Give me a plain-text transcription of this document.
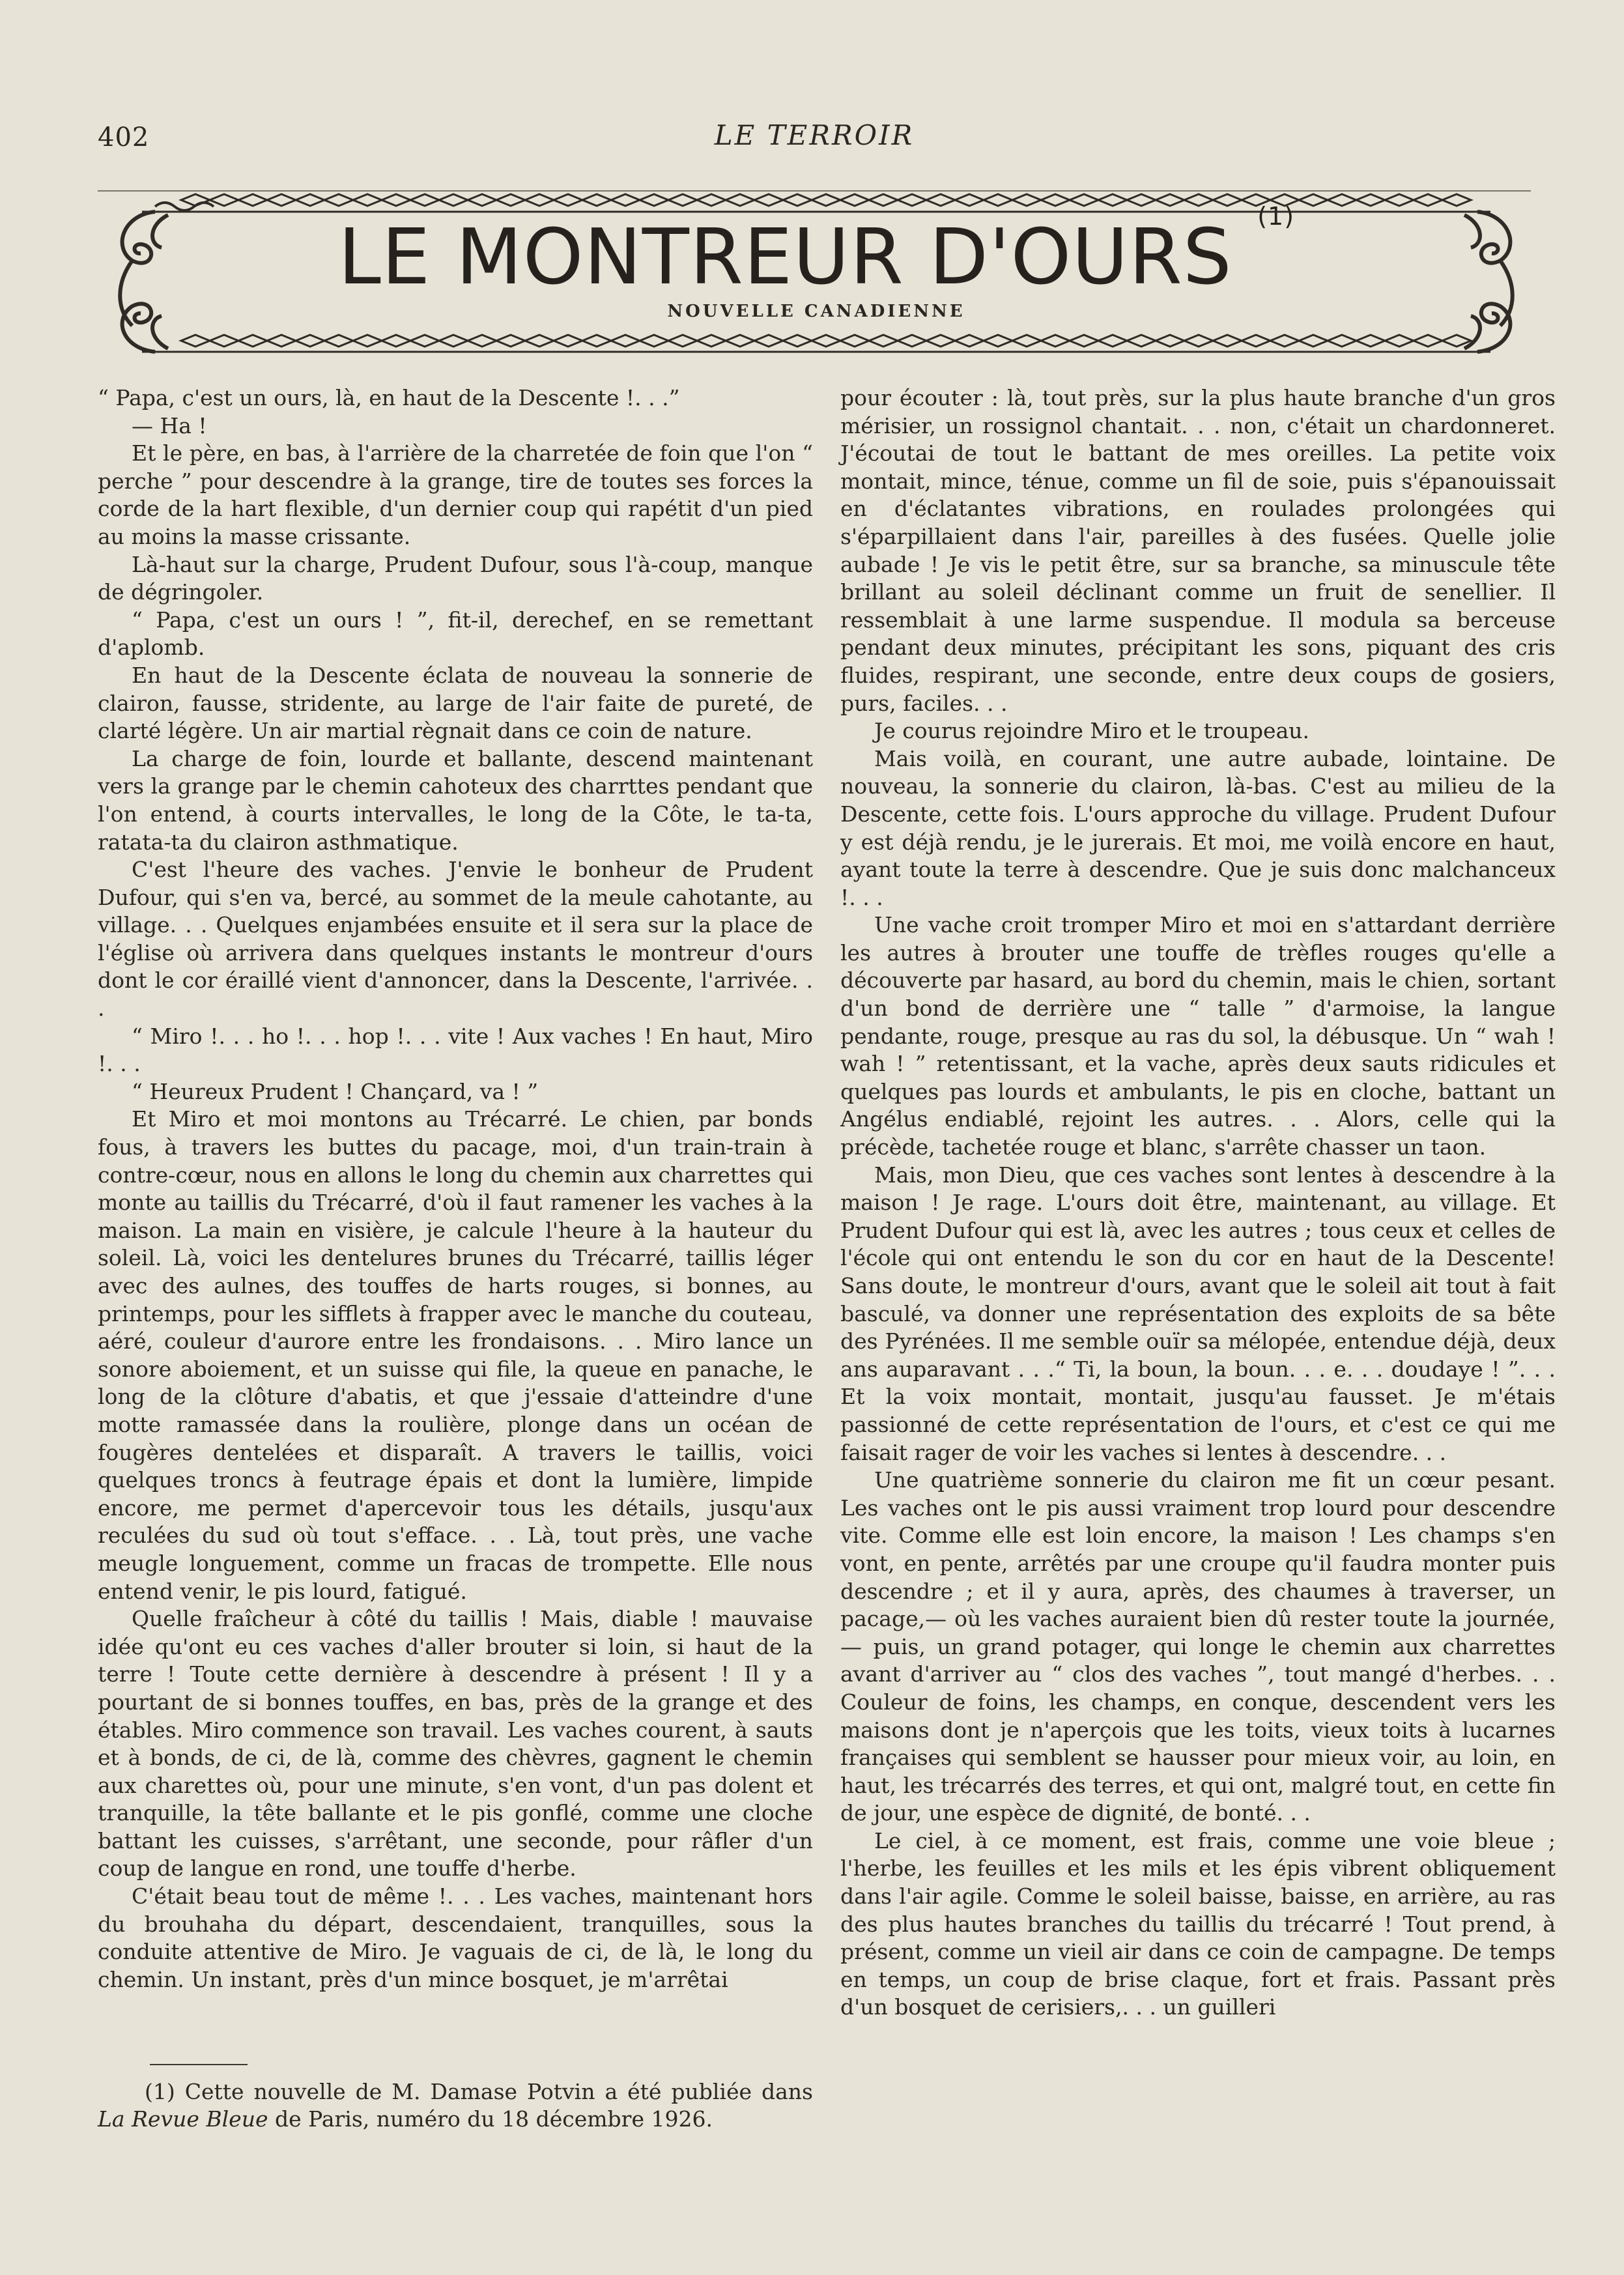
402	LE TERROIR
LE MONTREUR D'OURS $^{(1)}$
NOUVELLE CANADIENNE

“ Papa, c'est un ours, là, en haut de la Descente !. . .”

— Ha !

Et le père, en bas, à l'arrière de la charretée de foin que l'on “ perche ” pour descendre à la grange, tire de toutes ses forces la corde de la hart flexible, d'un dernier coup qui rapétit d'un pied au moins la masse crissante.

Là-haut sur la charge, Prudent Dufour, sous l'à-coup, manque de dégringoler.

“ Papa, c'est un ours ! ”, fit-il, derechef, en se remettant d'aplomb.

En haut de la Descente éclata de nouveau la sonnerie de clairon, fausse, stridente, au large de l'air faite de pureté, de clarté légère. Un air martial règnait dans ce coin de nature.

La charge de foin, lourde et ballante, descend maintenant vers la grange par le chemin cahoteux des charrttes pendant que l'on entend, à courts intervalles, le long de la Côte, le ta-ta, ratata-ta du clairon asthmatique.

C'est l'heure des vaches. J'envie le bonheur de Prudent Dufour, qui s'en va, bercé, au sommet de la meule cahotante, au village. . . Quelques enjambées ensuite et il sera sur la place de l'église où arrivera dans quelques instants le montreur d'ours dont le cor éraillé vient d'annoncer, dans la Descente, l'arrivée. . .

“ Miro !. . . ho !. . . hop !. . . vite ! Aux vaches ! En haut, Miro !. . .

“ Heureux Prudent ! Chançard, va ! ”

Et Miro et moi montons au Trécarré. Le chien, par bonds fous, à travers les buttes du pacage, moi, d'un train-train à contre-cœur, nous en allons le long du chemin aux charrettes qui monte au taillis du Trécarré, d'où il faut ramener les vaches à la maison. La main en visière, je calcule l'heure à la hauteur du soleil. Là, voici les dentelures brunes du Trécarré, taillis léger avec des aulnes, des touffes de harts rouges, si bonnes, au printemps, pour les sifflets à frapper avec le manche du couteau, aéré, couleur d'aurore entre les frondaisons. . . Miro lance un sonore aboiement, et un suisse qui file, la queue en panache, le long de la clôture d'abatis, et que j'essaie d'atteindre d'une motte ramassée dans la roulière, plonge dans un océan de fougères dentelées et disparaît. A travers le taillis, voici quelques troncs à feutrage épais et dont la lumière, limpide encore, me permet d'apercevoir tous les détails, jusqu'aux reculées du sud où tout s'efface. . . Là, tout près, une vache meugle longuement, comme un fracas de trompette. Elle nous entend venir, le pis lourd, fatigué.

Quelle fraîcheur à côté du taillis ! Mais, diable ! mauvaise idée qu'ont eu ces vaches d'aller brouter si loin, si haut de la terre ! Toute cette dernière à descendre à présent ! Il y a pourtant de si bonnes touffes, en bas, près de la grange et des étables. Miro commence son travail. Les vaches courent, à sauts et à bonds, de ci, de là, comme des chèvres, gagnent le chemin aux charettes où, pour une minute, s'en vont, d'un pas dolent et tranquille, la tête ballante et le pis gonflé, comme une cloche battant les cuisses, s'arrêtant, une seconde, pour râfler d'un coup de langue en rond, une touffe d'herbe.

C'était beau tout de même !. . . Les vaches, maintenant hors du brouhaha du départ, descendaient, tranquilles, sous la conduite attentive de Miro. Je vaguais de ci, de là, le long du chemin. Un instant, près d'un mince bosquet, je m'arrêtai

(1) Cette nouvelle de M. Damase Potvin a été publiée dans La Revue Bleue de Paris, numéro du 18 décembre 1926.

pour écouter : là, tout près, sur la plus haute branche d'un gros mérisier, un rossignol chantait. . . non, c'était un chardonneret. J'écoutai de tout le battant de mes oreilles. La petite voix montait, mince, ténue, comme un fil de soie, puis s'épanouissait en d'éclatantes vibrations, en roulades prolongées qui s'éparpillaient dans l'air, pareilles à des fusées. Quelle jolie aubade ! Je vis le petit être, sur sa branche, sa minuscule tête brillant au soleil déclinant comme un fruit de senellier. Il ressemblait à une larme suspendue. Il modula sa berceuse pendant deux minutes, précipitant les sons, piquant des cris fluides, respirant, une seconde, entre deux coups de gosiers, purs, faciles. . .

Je courus rejoindre Miro et le troupeau.

Mais voilà, en courant, une autre aubade, lointaine. De nouveau, la sonnerie du clairon, là-bas. C'est au milieu de la Descente, cette fois. L'ours approche du village. Prudent Dufour y est déjà rendu, je le jurerais. Et moi, me voilà encore en haut, ayant toute la terre à descendre. Que je suis donc malchanceux !. . .

Une vache croit tromper Miro et moi en s'attardant derrière les autres à brouter une touffe de trèfles rouges qu'elle a découverte par hasard, au bord du chemin, mais le chien, sortant d'un bond de derrière une “ talle ” d'armoise, la langue pendante, rouge, presque au ras du sol, la débusque. Un “ wah ! wah ! ” retentissant, et la vache, après deux sauts ridicules et quelques pas lourds et ambulants, le pis en cloche, battant un Angélus endiablé, rejoint les autres. . . Alors, celle qui la précède, tachetée rouge et blanc, s'arrête chasser un taon.

Mais, mon Dieu, que ces vaches sont lentes à descendre à la maison ! Je rage. L'ours doit être, maintenant, au village. Et Prudent Dufour qui est là, avec les autres ; tous ceux et celles de l'école qui ont entendu le son du cor en haut de la Descente! Sans doute, le montreur d'ours, avant que le soleil ait tout à fait basculé, va donner une représentation des exploits de sa bête des Pyrénées. Il me semble ouïr sa mélopée, entendue déjà, deux ans auparavant . . .“ Ti, la boun, la boun. . . e. . . doudaye ! ”. . . Et la voix montait, montait, jusqu'au fausset. Je m'étais passionné de cette représentation de l'ours, et c'est ce qui me faisait rager de voir les vaches si lentes à descendre. . .

Une quatrième sonnerie du clairon me fit un cœur pesant. Les vaches ont le pis aussi vraiment trop lourd pour descendre vite. Comme elle est loin encore, la maison ! Les champs s'en vont, en pente, arrêtés par une croupe qu'il faudra monter puis descendre ; et il y aura, après, des chaumes à traverser, un pacage,— où les vaches auraient bien dû rester toute la journée,— puis, un grand potager, qui longe le chemin aux charrettes avant d'arriver au “ clos des vaches ”, tout mangé d'herbes. . . Couleur de foins, les champs, en conque, descendent vers les maisons dont je n'aperçois que les toits, vieux toits à lucarnes françaises qui semblent se hausser pour mieux voir, au loin, en haut, les trécarrés des terres, et qui ont, malgré tout, en cette fin de jour, une espèce de dignité, de bonté. . .

Le ciel, à ce moment, est frais, comme une voie bleue ; l'herbe, les feuilles et les mils et les épis vibrent obliquement dans l'air agile. Comme le soleil baisse, baisse, en arrière, au ras des plus hautes branches du taillis du trécarré ! Tout prend, à présent, comme un vieil air dans ce coin de campagne. De temps en temps, un coup de brise claque, fort et frais. Passant près d'un bosquet de cerisiers,. . . un guilleri
